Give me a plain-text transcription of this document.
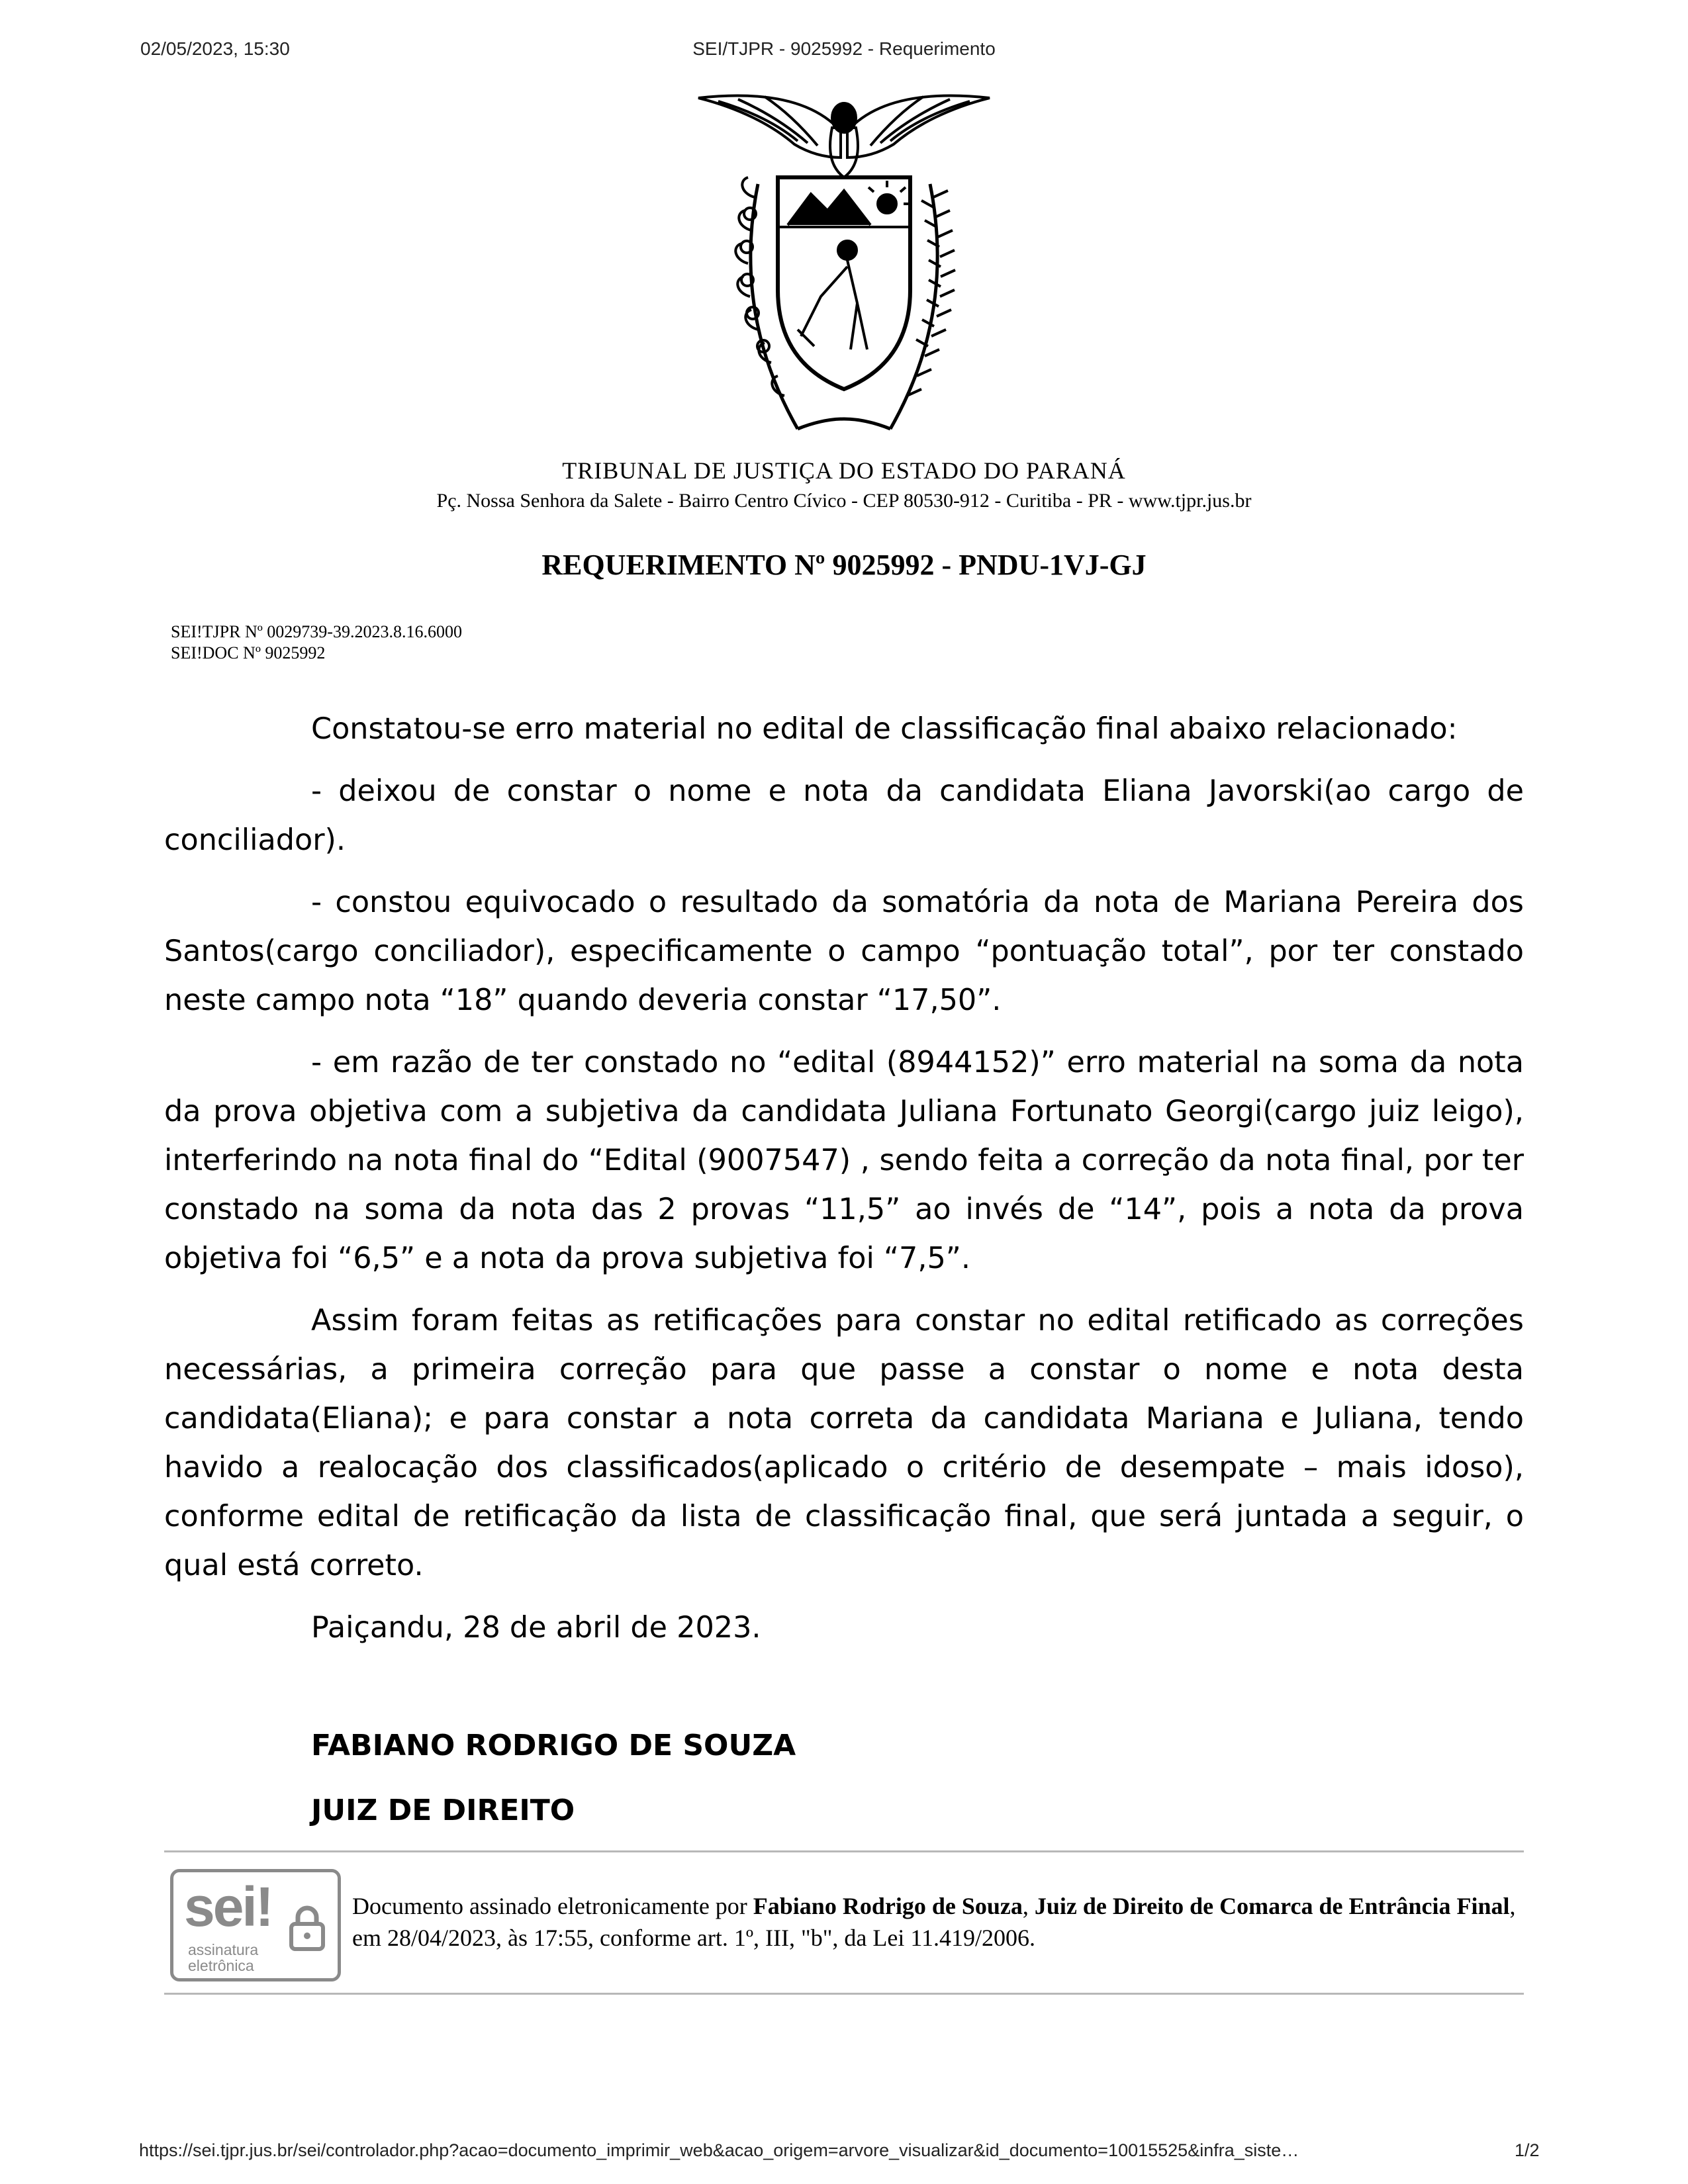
02/05/2023, 15:30	SEI/TJPR - 9025992 - Requerimento
TRIBUNAL DE JUSTIÇA DO ESTADO DO PARANÁ
Pç. Nossa Senhora da Salete - Bairro Centro Cívico - CEP 80530-912 - Curitiba - PR - www.tjpr.jus.br
REQUERIMENTO Nº 9025992 - PNDU-1VJ-GJ
SEI!TJPR Nº 0029739-39.2023.8.16.6000
SEI!DOC Nº 9025992

Constatou-se erro material no edital de classificação final abaixo relacionado:

- deixou de constar o nome e nota da candidata Eliana Javorski(ao cargo de conciliador).

- constou equivocado o resultado da somatória da nota de Mariana Pereira dos Santos(cargo conciliador), especificamente o campo “pontuação total”, por ter constado neste campo nota “18” quando deveria constar “17,50”.

- em razão de ter constado no “edital (8944152)” erro material na soma da nota da prova objetiva com a subjetiva da candidata Juliana Fortunato Georgi(cargo juiz leigo), interferindo na nota final do “Edital (9007547) , sendo feita a correção da nota final, por ter constado na soma da nota das 2 provas “11,5” ao invés de “14”, pois a nota da prova objetiva foi “6,5” e a nota da prova subjetiva foi “7,5”.

Assim foram feitas as retificações para constar no edital retificado as correções necessárias, a primeira correção para que passe a constar o nome e nota desta candidata(Eliana); e para constar a nota correta da candidata Mariana e Juliana, tendo havido a realocação dos classificados(aplicado o critério de desempate – mais idoso), conforme edital de retificação da lista de classificação final, que será juntada a seguir, o qual está correto.

Paiçandu, 28 de abril de 2023.

FABIANO RODRIGO DE SOUZA
JUIZ DE DIREITO
sei!
assinatura
eletrônica
Documento assinado eletronicamente por Fabiano Rodrigo de Souza, Juiz de Direito de Comarca de Entrância Final, em 28/04/2023, às 17:55, conforme art. 1º, III, "b", da Lei 11.419/2006.
https://sei.tjpr.jus.br/sei/controlador.php?acao=documento_imprimir_web&acao_origem=arvore_visualizar&id_documento=10015525&infra_siste…	1/2
